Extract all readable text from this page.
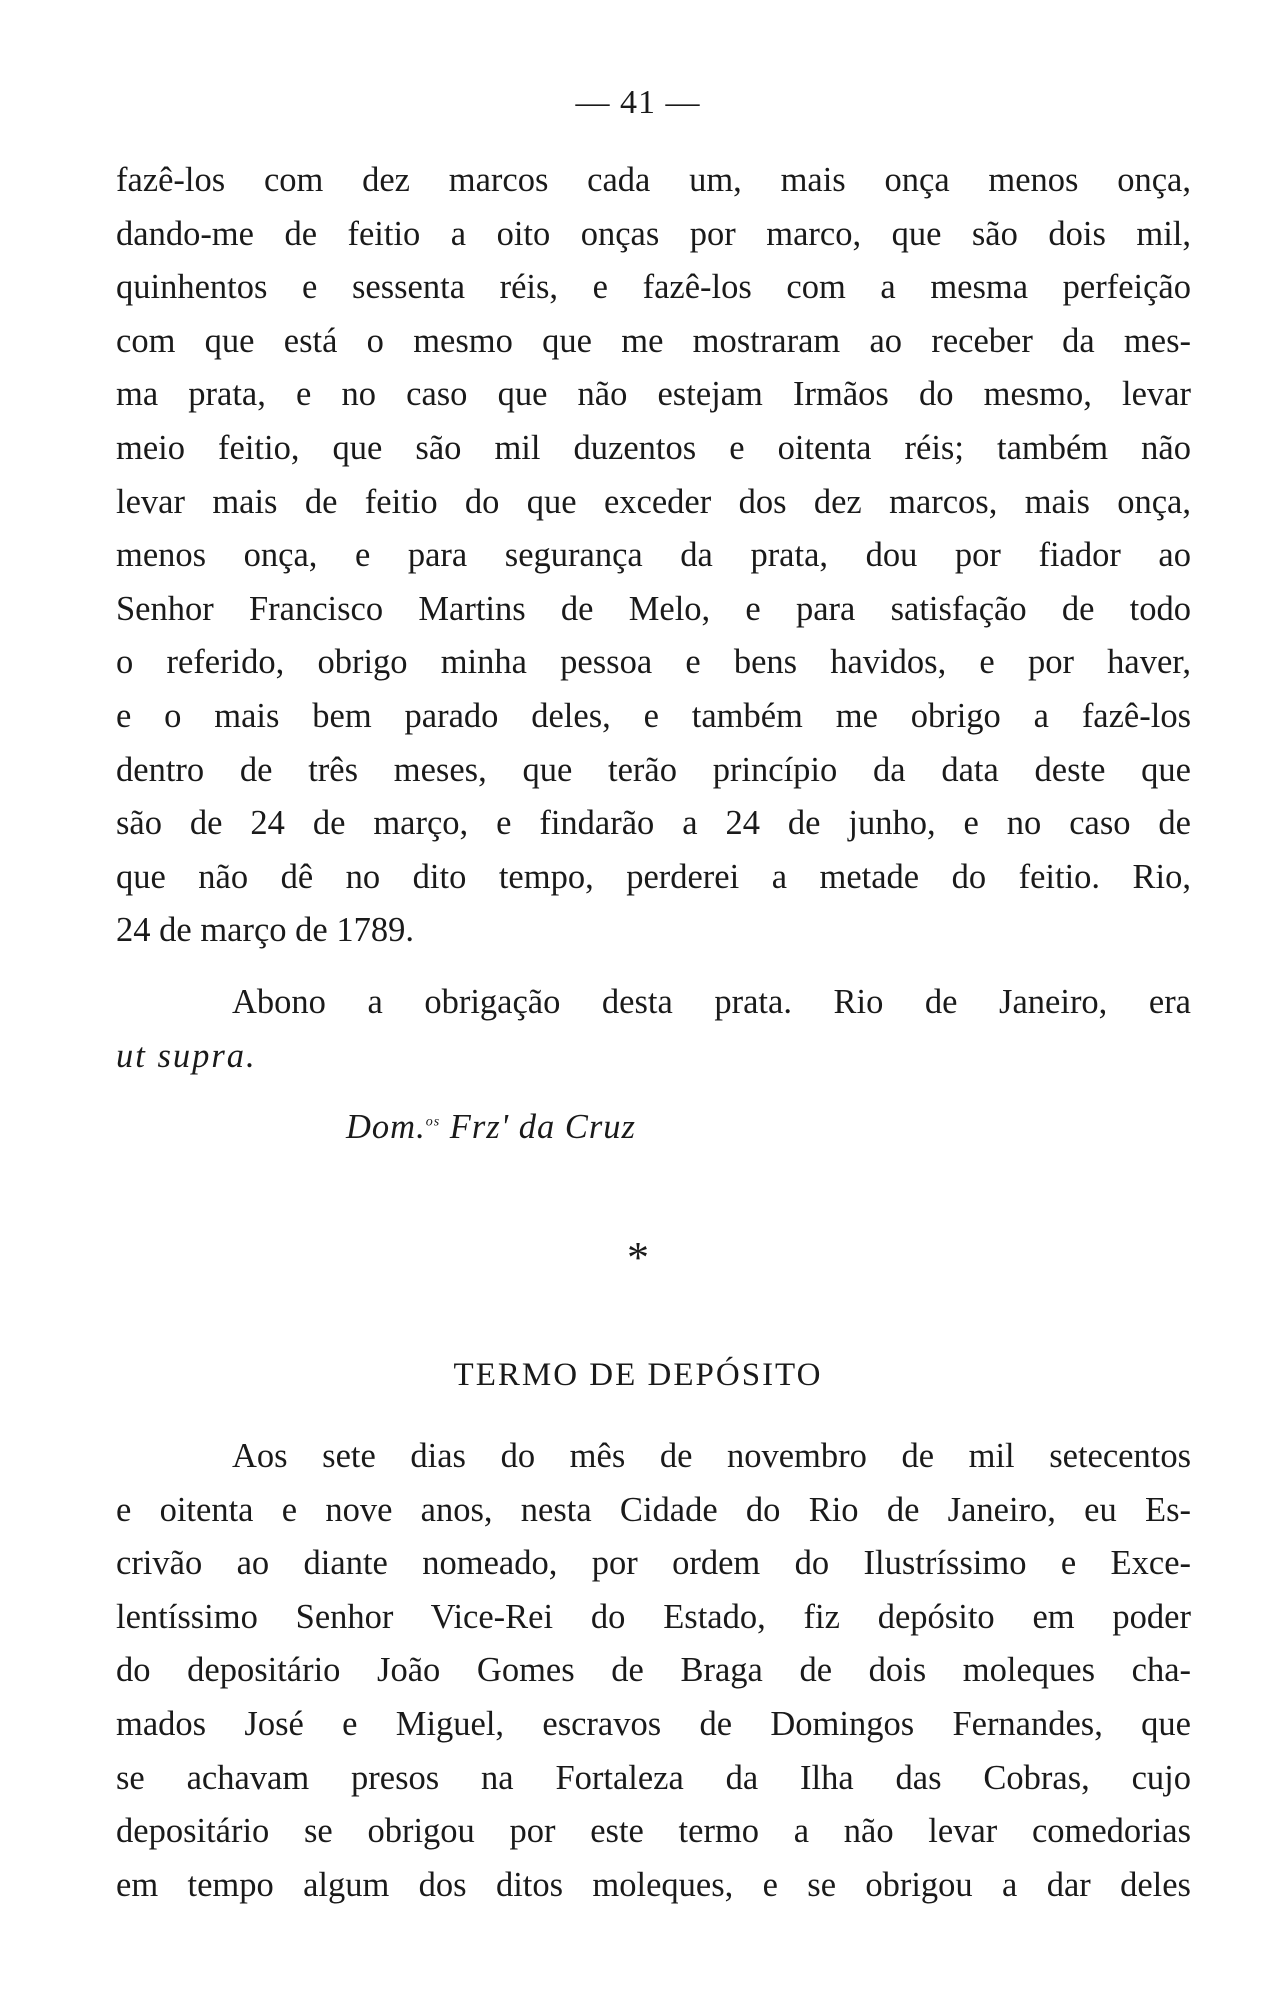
— 41 —
fazê-los com dez marcos cada um, mais onça menos onça,
dando-me de feitio a oito onças por marco, que são dois mil,
quinhentos e sessenta réis, e fazê-los com a mesma perfeição
com que está o mesmo que me mostraram ao receber da mes-
ma prata, e no caso que não estejam Irmãos do mesmo, levar
meio feitio, que são mil duzentos e oitenta réis; também não
levar mais de feitio do que exceder dos dez marcos, mais onça,
menos onça, e para segurança da prata, dou por fiador ao
Senhor Francisco Martins de Melo, e para satisfação de todo
o referido, obrigo minha pessoa e bens havidos, e por haver,
e o mais bem parado deles, e também me obrigo a fazê-los
dentro de três meses, que terão princípio da data deste que
são de 24 de março, e findarão a 24 de junho, e no caso de
que não dê no dito tempo, perderei a metade do feitio. Rio,
24 de março de 1789.
Abono a obrigação desta prata. Rio de Janeiro, era
ut supra.
Dom.$^{os}$ Frz' da Cruz
*
TERMO DE DEPÓSITO
Aos sete dias do mês de novembro de mil setecentos
e oitenta e nove anos, nesta Cidade do Rio de Janeiro, eu Es-
crivão ao diante nomeado, por ordem do Ilustríssimo e Exce-
lentíssimo Senhor Vice-Rei do Estado, fiz depósito em poder
do depositário João Gomes de Braga de dois moleques cha-
mados José e Miguel, escravos de Domingos Fernandes, que
se achavam presos na Fortaleza da Ilha das Cobras, cujo
depositário se obrigou por este termo a não levar comedorias
em tempo algum dos ditos moleques, e se obrigou a dar deles
